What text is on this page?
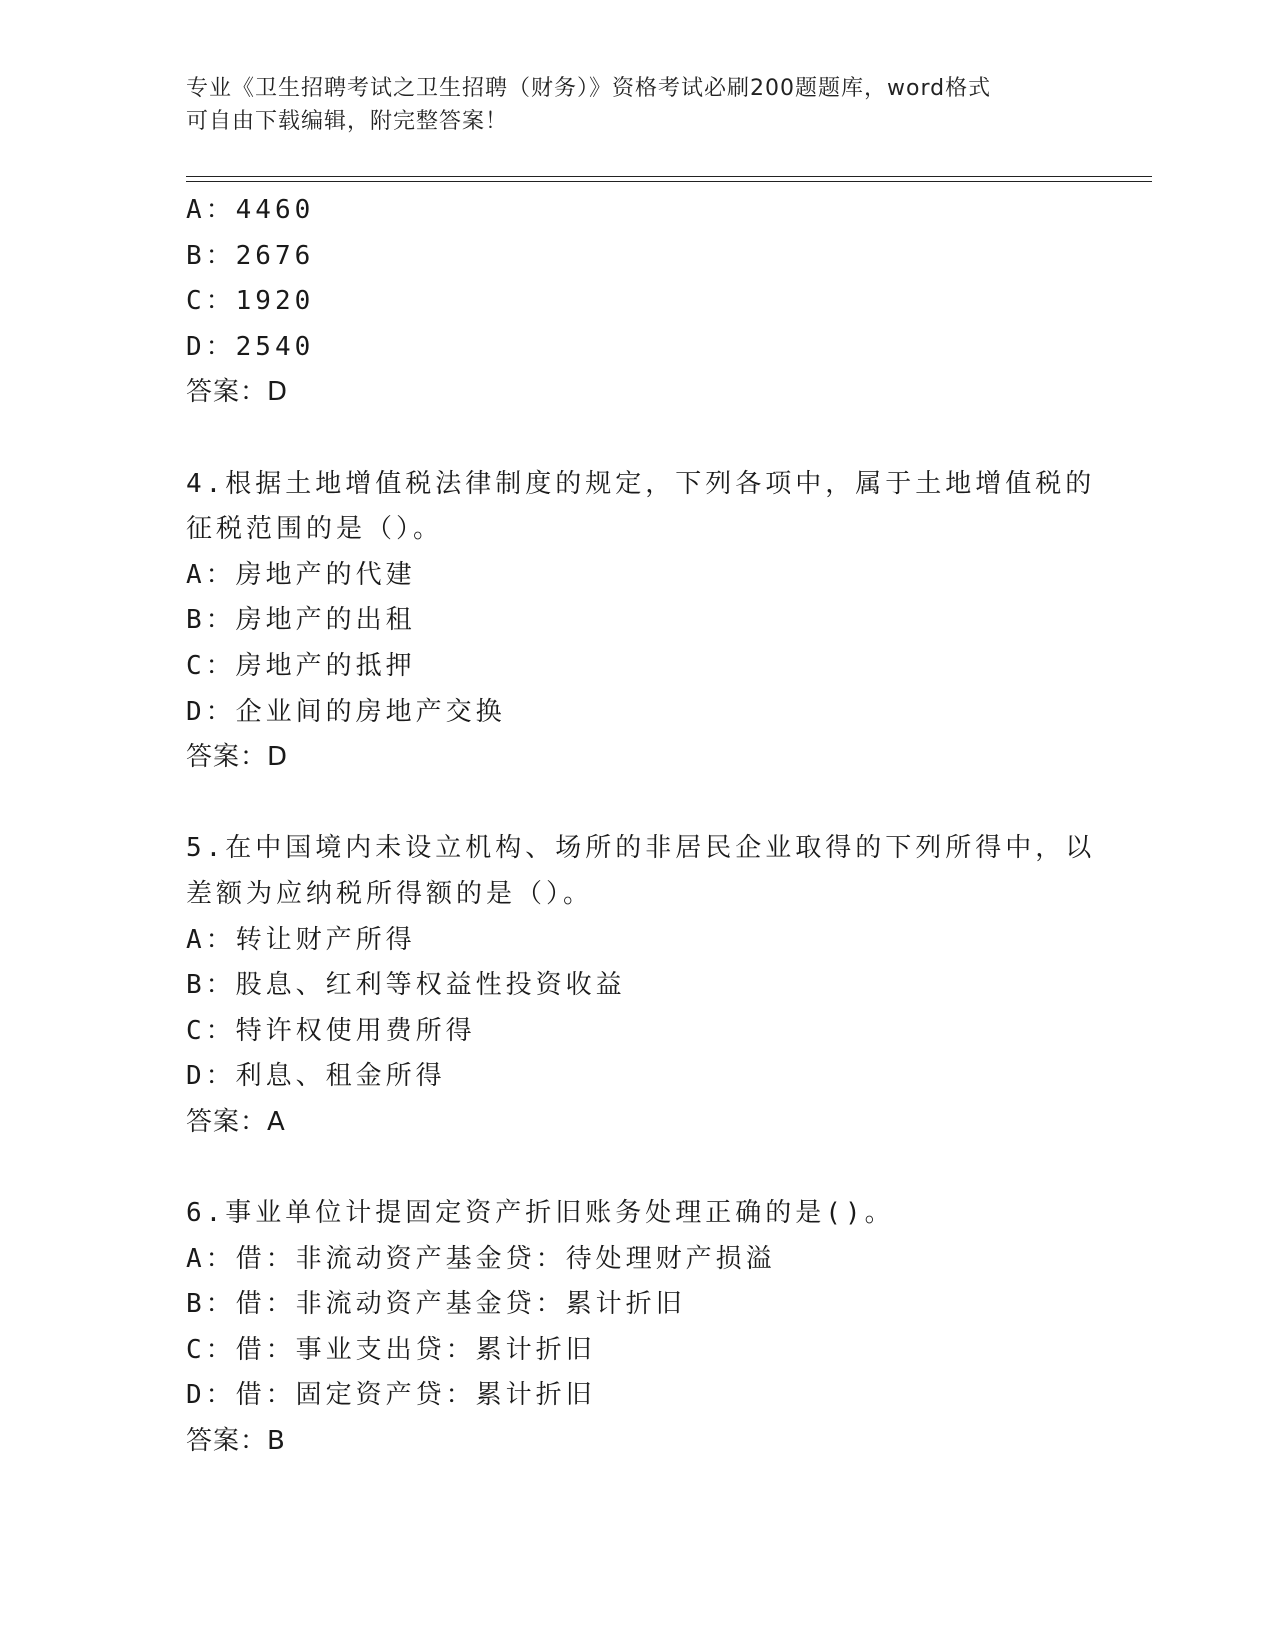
专业《卫生招聘考试之卫生招聘（财务）》资格考试必刷200题题库，word格式
可自由下载编辑，附完整答案！
A：4460
B：2676
C：1920
D：2540
答案：D
4.根据土地增值税法律制度的规定，下列各项中，属于土地增值税的
征税范围的是（）。
A：房地产的代建
B：房地产的出租
C：房地产的抵押
D：企业间的房地产交换
答案：D
5.在中国境内未设立机构、场所的非居民企业取得的下列所得中，以
差额为应纳税所得额的是（）。
A：转让财产所得
B：股息、红利等权益性投资收益
C：特许权使用费所得
D：利息、租金所得
答案：A
6.事业单位计提固定资产折旧账务处理正确的是()。
A：借：非流动资产基金贷：待处理财产损溢
B：借：非流动资产基金贷：累计折旧
C：借：事业支出贷：累计折旧
D：借：固定资产贷：累计折旧
答案：B
